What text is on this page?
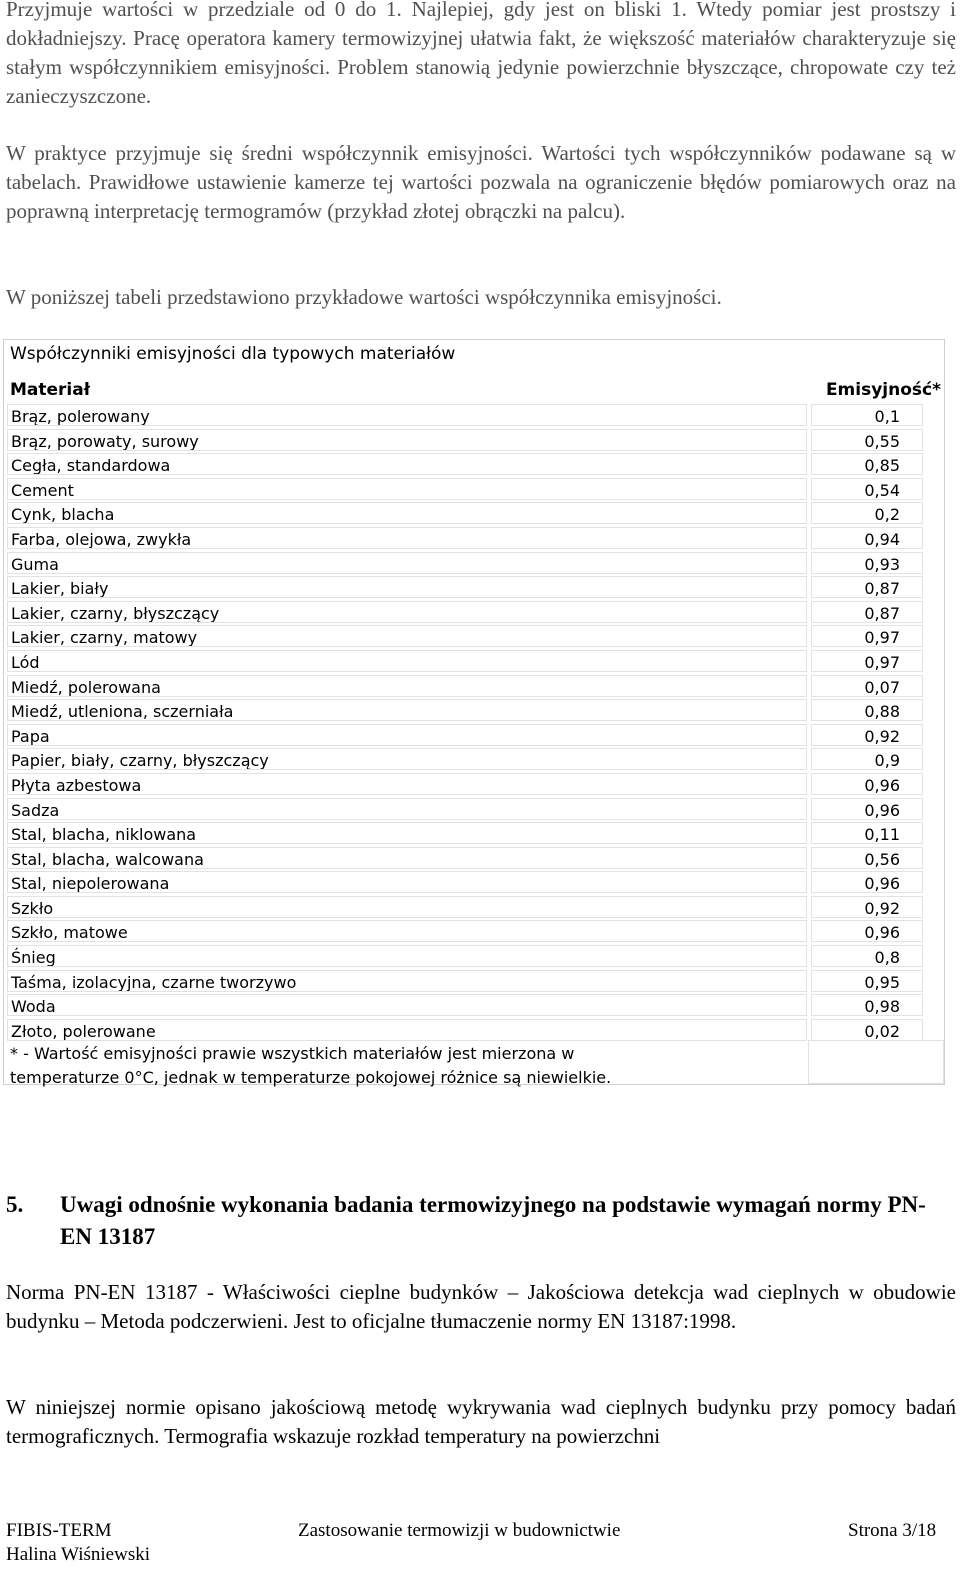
Przyjmuje wartości w przedziale od 0 do 1. Najlepiej, gdy jest on bliski 1. Wtedy pomiar jest prostszy i dokładniejszy. Pracę operatora kamery termowizyjnej ułatwia fakt, że większość materiałów charakteryzuje się stałym współczynnikiem emisyjności. Problem stanowią jedynie powierzchnie błyszczące, chropowate czy też zanieczyszczone.

W praktyce przyjmuje się średni współczynnik emisyjności. Wartości tych współczynników podawane są w tabelach. Prawidłowe ustawienie kamerze tej wartości pozwala na ograniczenie błędów pomiarowych oraz na poprawną interpretację termogramów (przykład złotej obrączki na palcu).

W poniższej tabeli przedstawiono przykładowe wartości współczynnika emisyjności.

Współczynniki emisyjności dla typowych materiałów
Materiał	Emisyjność*
Brąz, polerowany	0,1
Brąz, porowaty, surowy	0,55
Cegła, standardowa	0,85
Cement	0,54
Cynk, blacha	0,2
Farba, olejowa, zwykła	0,94
Guma	0,93
Lakier, biały	0,87
Lakier, czarny, błyszczący	0,87
Lakier, czarny, matowy	0,97
Lód	0,97
Miedź, polerowana	0,07
Miedź, utleniona, sczerniała	0,88
Papa	0,92
Papier, biały, czarny, błyszczący	0,9
Płyta azbestowa	0,96
Sadza	0,96
Stal, blacha, niklowana	0,11
Stal, blacha, walcowana	0,56
Stal, niepolerowana	0,96
Szkło	0,92
Szkło, matowe	0,96
Śnieg	0,8
Taśma, izolacyjna, czarne tworzywo	0,95
Woda	0,98
Złoto, polerowane	0,02
* - Wartość emisyjności prawie wszystkich materiałów jest mierzona w
temperaturze 0°C, jednak w temperaturze pokojowej różnice są niewielkie.
5. Uwagi odnośnie wykonania badania termowizyjnego na podstawie wymagań normy PN-EN 13187

Norma PN-EN 13187 - Właściwości cieplne budynków – Jakościowa detekcja wad cieplnych w obudowie budynku – Metoda podczerwieni. Jest to oficjalne tłumaczenie normy EN 13187:1998.

W niniejszej normie opisano jakościową metodę wykrywania wad cieplnych budynku przy pomocy badań termograficznych. Termografia wskazuje rozkład temperatury na powierzchni

FIBIS-TERM
Halina Wiśniewski
Zastosowanie termowizji w budownictwie	Strona 3/18
